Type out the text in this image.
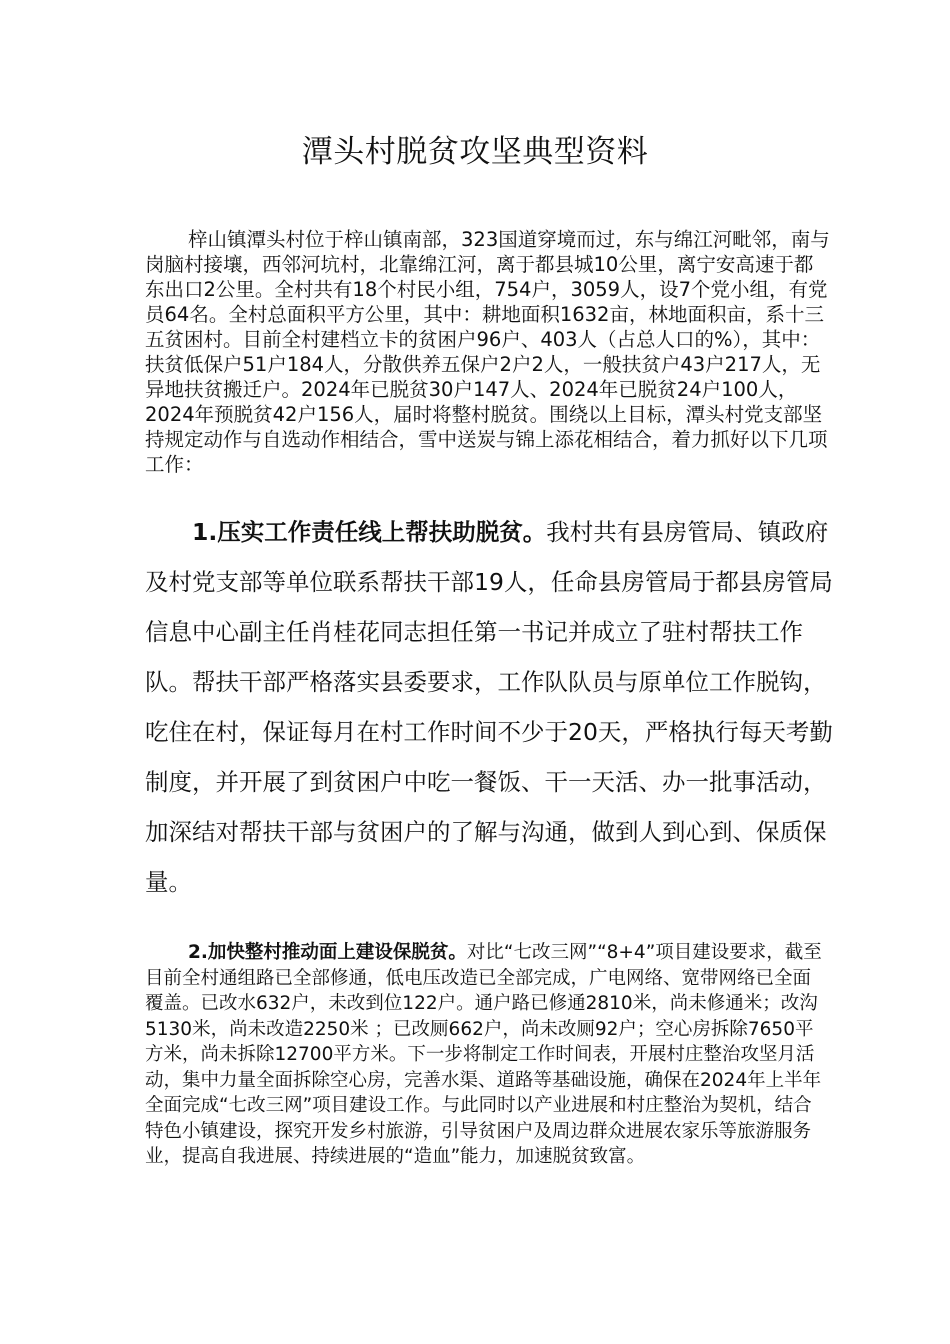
潭头村脱贫攻坚典型资料

梓山镇潭头村位于梓山镇南部，323国道穿境而过，东与绵江河毗邻，南与岗脑村接壤，西邻河坑村，北靠绵江河，离于都县城10公里，离宁安高速于都东出口2公里。全村共有18个村民小组，754户，3059人，设7个党小组，有党员64名。全村总面积平方公里，其中：耕地面积1632亩，林地面积亩，系十三五贫困村。目前全村建档立卡的贫困户96户、403人（占总人口的%），其中：扶贫低保户51户184人，分散供养五保户2户2人，一般扶贫户43户217人，无异地扶贫搬迁户。2024年已脱贫30户147人、2024年已脱贫24户100人，2024年预脱贫42户156人，届时将整村脱贫。围绕以上目标，潭头村党支部坚持规定动作与自选动作相结合，雪中送炭与锦上添花相结合，着力抓好以下几项工作：

1.压实工作责任线上帮扶助脱贫。我村共有县房管局、镇政府及村党支部等单位联系帮扶干部19人，任命县房管局于都县房管局信息中心副主任肖桂花同志担任第一书记并成立了驻村帮扶工作队。帮扶干部严格落实县委要求，工作队队员与原单位工作脱钩，吃住在村，保证每月在村工作时间不少于20天，严格执行每天考勤制度，并开展了到贫困户中吃一餐饭、干一天活、办一批事活动，加深结对帮扶干部与贫困户的了解与沟通，做到人到心到、保质保量。

2.加快整村推动面上建设保脱贫。对比“七改三网”“8+4”项目建设要求，截至目前全村通组路已全部修通，低电压改造已全部完成，广电网络、宽带网络已全面覆盖。已改水632户，未改到位122户。通户路已修通2810米，尚未修通米；改沟5130米，尚未改造2250米 ；已改厕662户，尚未改厕92户；空心房拆除7650平方米，尚未拆除12700平方米。下一步将制定工作时间表，开展村庄整治攻坚月活动，集中力量全面拆除空心房，完善水渠、道路等基础设施，确保在2024年上半年全面完成“七改三网”项目建设工作。与此同时以产业进展和村庄整治为契机，结合特色小镇建设，探究开发乡村旅游，引导贫困户及周边群众进展农家乐等旅游服务业，提高自我进展、持续进展的“造血”能力，加速脱贫致富。
